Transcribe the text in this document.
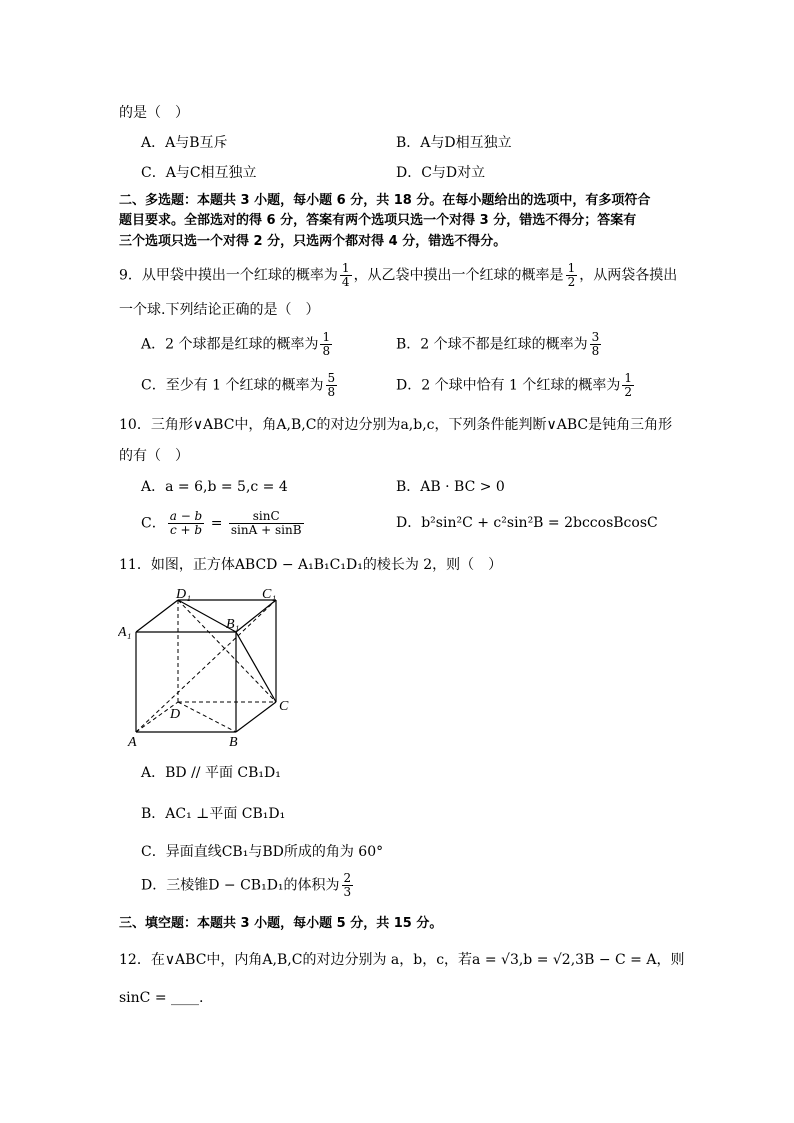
的是（　）
A．A与B互斥	B．A与D相互独立
C．A与C相互独立	D．C与D对立
二、多选题：本题共 3 小题，每小题 6 分，共 18 分。在每小题给出的选项中，有多项符合
题目要求。全部选对的得 6 分，答案有两个选项只选一个对得 3 分，错选不得分；答案有
三个选项只选一个对得 2 分，只选两个都对得 4 分，错选不得分。
9．从甲袋中摸出一个红球的概率为 $\frac{1}{4}$ ，从乙袋中摸出一个红球的概率是 $\frac{1}{2}$ ，从两袋各摸出
一个球.下列结论正确的是（　）
A．2 个球都是红球的概率为 $\frac{1}{8}$	B．2 个球不都是红球的概率为 $\frac{3}{8}$
C．至少有 1 个红球的概率为 $\frac{5}{8}$	D．2 个球中恰有 1 个红球的概率为 $\frac{1}{2}$
10．三角形∨ABC中，角A,B,C的对边分别为a,b,c，下列条件能判断∨ABC是钝角三角形
的有（　）
A．a = 6,b = 5,c = 4	B．AB · BC > 0
C． $\frac{a - b}{c + b} = \frac{\sin C}{\sin A + \sin B}$	D．b²sin²C + c²sin²B = 2bccosBcosC
11．如图，正方体ABCD − A₁B₁C₁D₁的棱长为 2，则（　）
A	B
C
D
A₁
B₁
C₁
D₁
A．BD // 平面 CB₁D₁
B．AC₁ ⊥平面 CB₁D₁
C．异面直线CB₁与BD所成的角为 60°
D．三棱锥D − CB₁D₁的体积为 $\frac{2}{3}$
三、填空题：本题共 3 小题，每小题 5 分，共 15 分。
12．在∨ABC中，内角A,B,C的对边分别为 a，b，c，若a = √3,b = √2,3B − C = A，则
sinC = ____.
